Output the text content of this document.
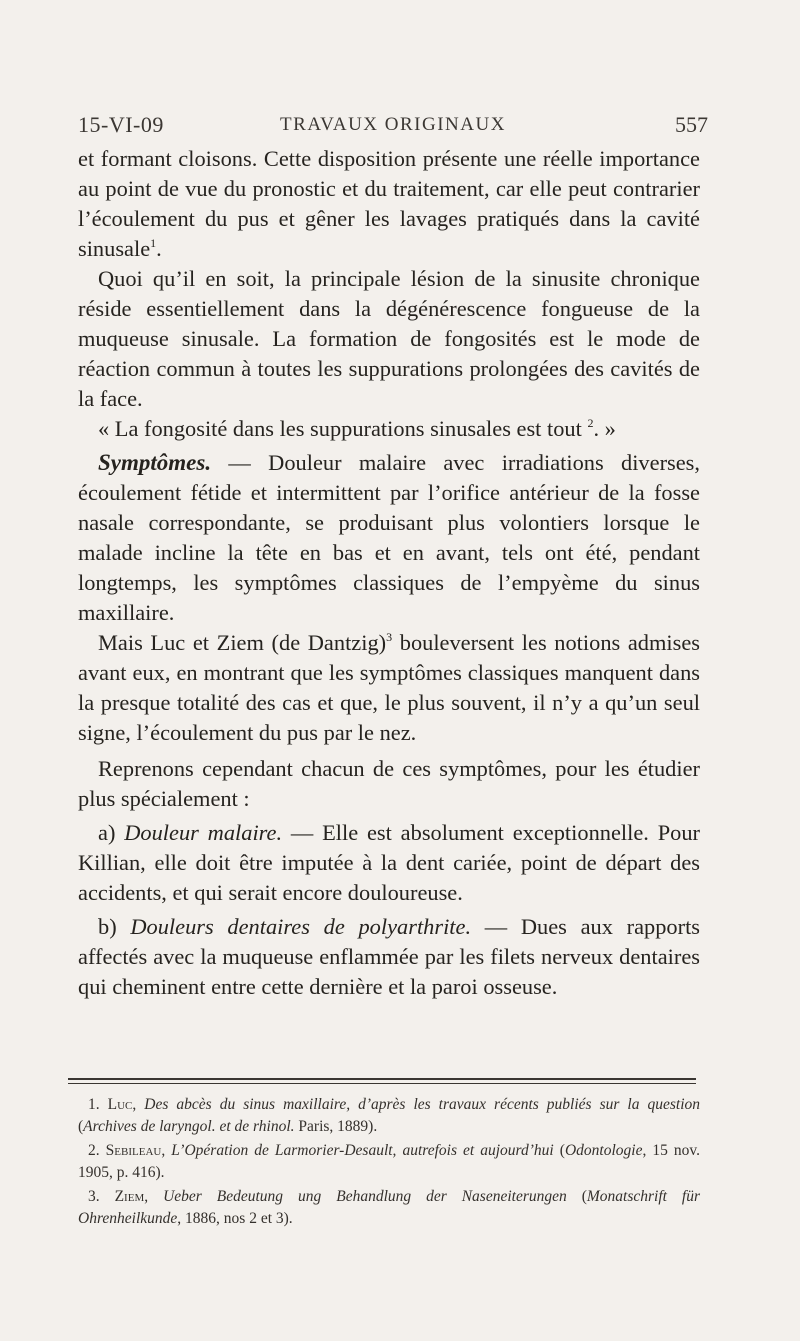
15-VI-09	TRAVAUX ORIGINAUX	557

et formant cloisons. Cette disposition présente une réelle importance au point de vue du pronostic et du traitement, car elle peut contrarier l’écoulement du pus et gêner les lavages pratiqués dans la cavité sinusale$^1$.

Quoi qu’il en soit, la principale lésion de la sinusite chronique réside essentiellement dans la dégénérescence fongueuse de la muqueuse sinusale. La formation de fongosités est le mode de réaction commun à toutes les suppurations prolongées des cavités de la face.

« La fongosité dans les suppurations sinusales est tout $^2$. »

Symptômes. — Douleur malaire avec irradiations diverses, écoulement fétide et intermittent par l’orifice antérieur de la fosse nasale correspondante, se produisant plus volontiers lorsque le malade incline la tête en bas et en avant, tels ont été, pendant longtemps, les symptômes classiques de l’empyème du sinus maxillaire.

Mais Luc et Ziem (de Dantzig)$^3$ bouleversent les notions admises avant eux, en montrant que les symptômes classiques manquent dans la presque totalité des cas et que, le plus souvent, il n’y a qu’un seul signe, l’écoulement du pus par le nez.

Reprenons cependant chacun de ces symptômes, pour les étudier plus spécialement :

a) Douleur malaire. — Elle est absolument exceptionnelle. Pour Killian, elle doit être imputée à la dent cariée, point de départ des accidents, et qui serait encore douloureuse.

b) Douleurs dentaires de polyarthrite. — Dues aux rapports affectés avec la muqueuse enflammée par les filets nerveux dentaires qui cheminent entre cette dernière et la paroi osseuse.

1. Luc, Des abcès du sinus maxillaire, d’après les travaux récents publiés sur la question (Archives de laryngol. et de rhinol. Paris, 1889).

2. Sebileau, L’Opération de Larmorier-Desault, autrefois et aujourd’hui (Odontologie, 15 nov. 1905, p. 416).

3. Ziem, Ueber Bedeutung ung Behandlung der Naseneiterungen (Monatschrift für Ohrenheilkunde, 1886, nos 2 et 3).
